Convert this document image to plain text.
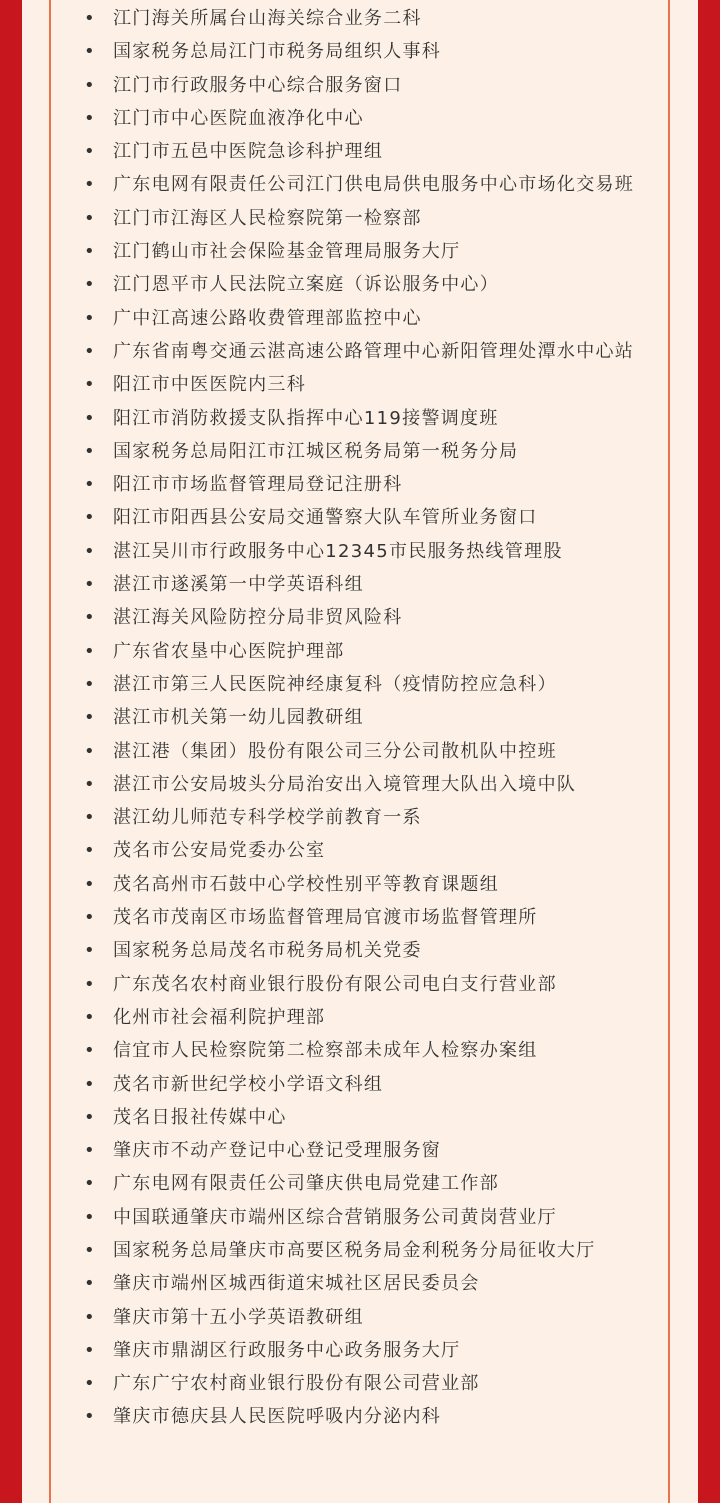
• 江门海关所属台山海关综合业务二科
• 国家税务总局江门市税务局组织人事科
• 江门市行政服务中心综合服务窗口
• 江门市中心医院血液净化中心
• 江门市五邑中医院急诊科护理组
• 广东电网有限责任公司江门供电局供电服务中心市场化交易班
• 江门市江海区人民检察院第一检察部
• 江门鹤山市社会保险基金管理局服务大厅
• 江门恩平市人民法院立案庭（诉讼服务中心）
• 广中江高速公路收费管理部监控中心
• 广东省南粤交通云湛高速公路管理中心新阳管理处潭水中心站
• 阳江市中医医院内三科
• 阳江市消防救援支队指挥中心119接警调度班
• 国家税务总局阳江市江城区税务局第一税务分局
• 阳江市市场监督管理局登记注册科
• 阳江市阳西县公安局交通警察大队车管所业务窗口
• 湛江吴川市行政服务中心12345市民服务热线管理股
• 湛江市遂溪第一中学英语科组
• 湛江海关风险防控分局非贸风险科
• 广东省农垦中心医院护理部
• 湛江市第三人民医院神经康复科（疫情防控应急科）
• 湛江市机关第一幼儿园教研组
• 湛江港（集团）股份有限公司三分公司散机队中控班
• 湛江市公安局坡头分局治安出入境管理大队出入境中队
• 湛江幼儿师范专科学校学前教育一系
• 茂名市公安局党委办公室
• 茂名高州市石鼓中心学校性别平等教育课题组
• 茂名市茂南区市场监督管理局官渡市场监督管理所
• 国家税务总局茂名市税务局机关党委
• 广东茂名农村商业银行股份有限公司电白支行营业部
• 化州市社会福利院护理部
• 信宜市人民检察院第二检察部未成年人检察办案组
• 茂名市新世纪学校小学语文科组
• 茂名日报社传媒中心
• 肇庆市不动产登记中心登记受理服务窗
• 广东电网有限责任公司肇庆供电局党建工作部
• 中国联通肇庆市端州区综合营销服务公司黄岗营业厅
• 国家税务总局肇庆市高要区税务局金利税务分局征收大厅
• 肇庆市端州区城西街道宋城社区居民委员会
• 肇庆市第十五小学英语教研组
• 肇庆市鼎湖区行政服务中心政务服务大厅
• 广东广宁农村商业银行股份有限公司营业部
• 肇庆市德庆县人民医院呼吸内分泌内科
